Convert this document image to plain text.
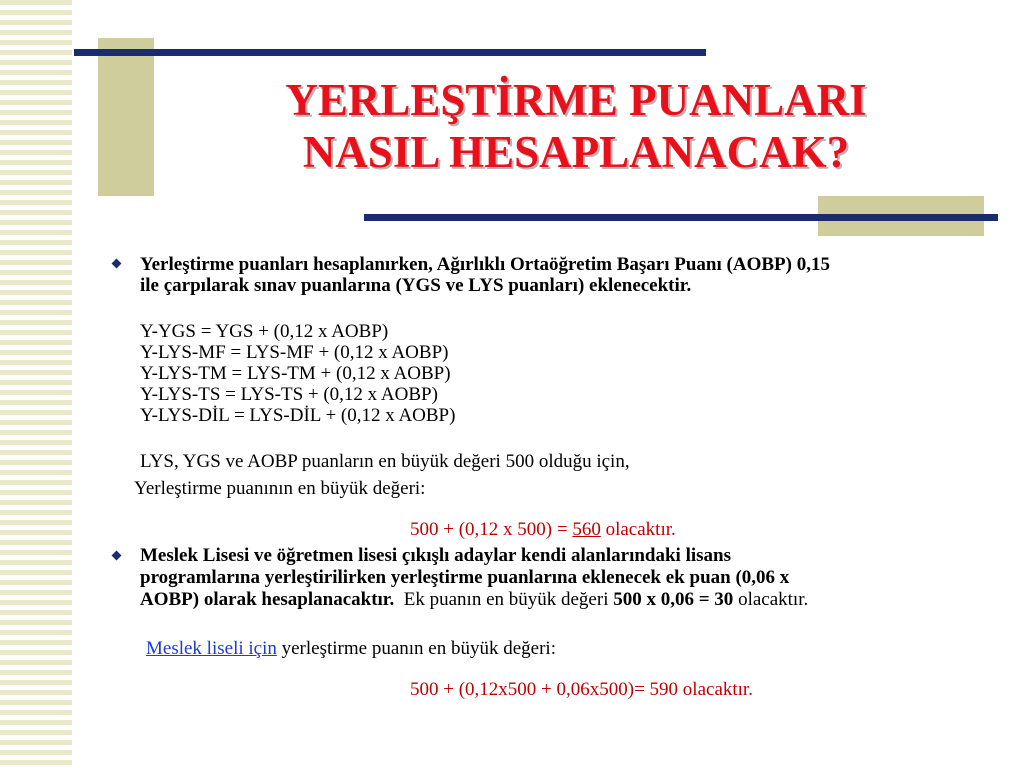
YERLEŞTİRME PUANLARI
NASIL HESAPLANACAK?
Yerleştirme puanları hesaplanırken, Ağırlıklı Ortaöğretim Başarı Puanı (AOBP) 0,15
ile çarpılarak sınav puanlarına (YGS ve LYS puanları) eklenecektir.
Y-YGS = YGS + (0,12 x AOBP)
Y-LYS-MF = LYS-MF + (0,12 x AOBP)
Y-LYS-TM = LYS-TM + (0,12 x AOBP)
Y-LYS-TS = LYS-TS + (0,12 x AOBP)
Y-LYS-DİL = LYS-DİL + (0,12 x AOBP)
LYS, YGS ve AOBP puanların en büyük değeri 500 olduğu için,
Yerleştirme puanının en büyük değeri:
500 + (0,12 x 500) = 560 olacaktır.
Meslek Lisesi ve öğretmen lisesi çıkışlı adaylar kendi alanlarındaki lisans
programlarına yerleştirilirken yerleştirme puanlarına eklenecek ek puan (0,06 x
AOBP) olarak hesaplanacaktır.  Ek puanın en büyük değeri 500 x 0,06 = 30 olacaktır.
Meslek liseli için yerleştirme puanın en büyük değeri:
500 + (0,12x500 + 0,06x500)= 590 olacaktır.
